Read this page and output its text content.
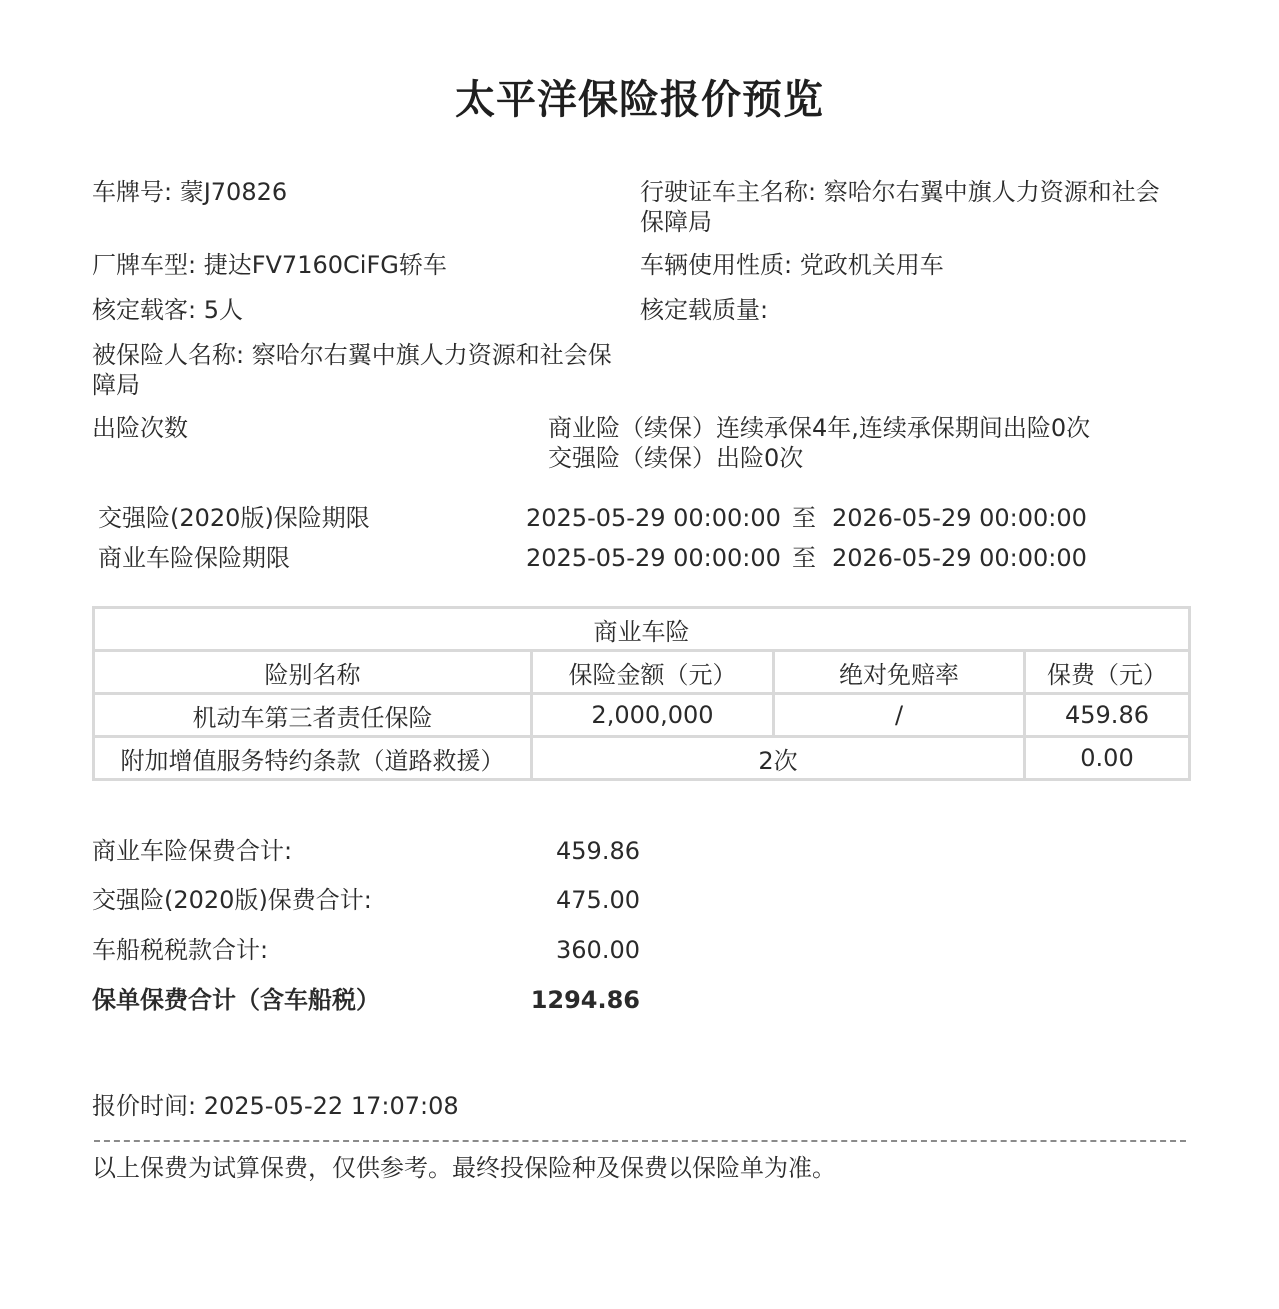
太平洋保险报价预览
车牌号: 蒙J70826	行驶证车主名称: 察哈尔右翼中旗人力资源和社会保障局
厂牌车型: 捷达FV7160CiFG轿车	车辆使用性质: 党政机关用车
核定载客: 5人	核定载质量:
被保险人名称: 察哈尔右翼中旗人力资源和社会保障局
出险次数	商业险（续保）连续承保4年,连续承保期间出险0次
交强险（续保）出险0次
交强险(2020版)保险期限	2025-05-29 00:00:00 至 2026-05-29 00:00:00
商业车险保险期限	2025-05-29 00:00:00 至 2026-05-29 00:00:00
商业车险			
险别名称	保险金额（元）	绝对免赔率	保费（元）
机动车第三者责任保险	2,000,000	/	459.86
附加增值服务特约条款（道路救援）	2次		0.00
商业车险保费合计:	459.86
交强险(2020版)保费合计:	475.00
车船税税款合计:	360.00
保单保费合计（含车船税）	1294.86
报价时间: 2025-05-22 17:07:08
以上保费为试算保费，仅供参考。最终投保险种及保费以保险单为准。
